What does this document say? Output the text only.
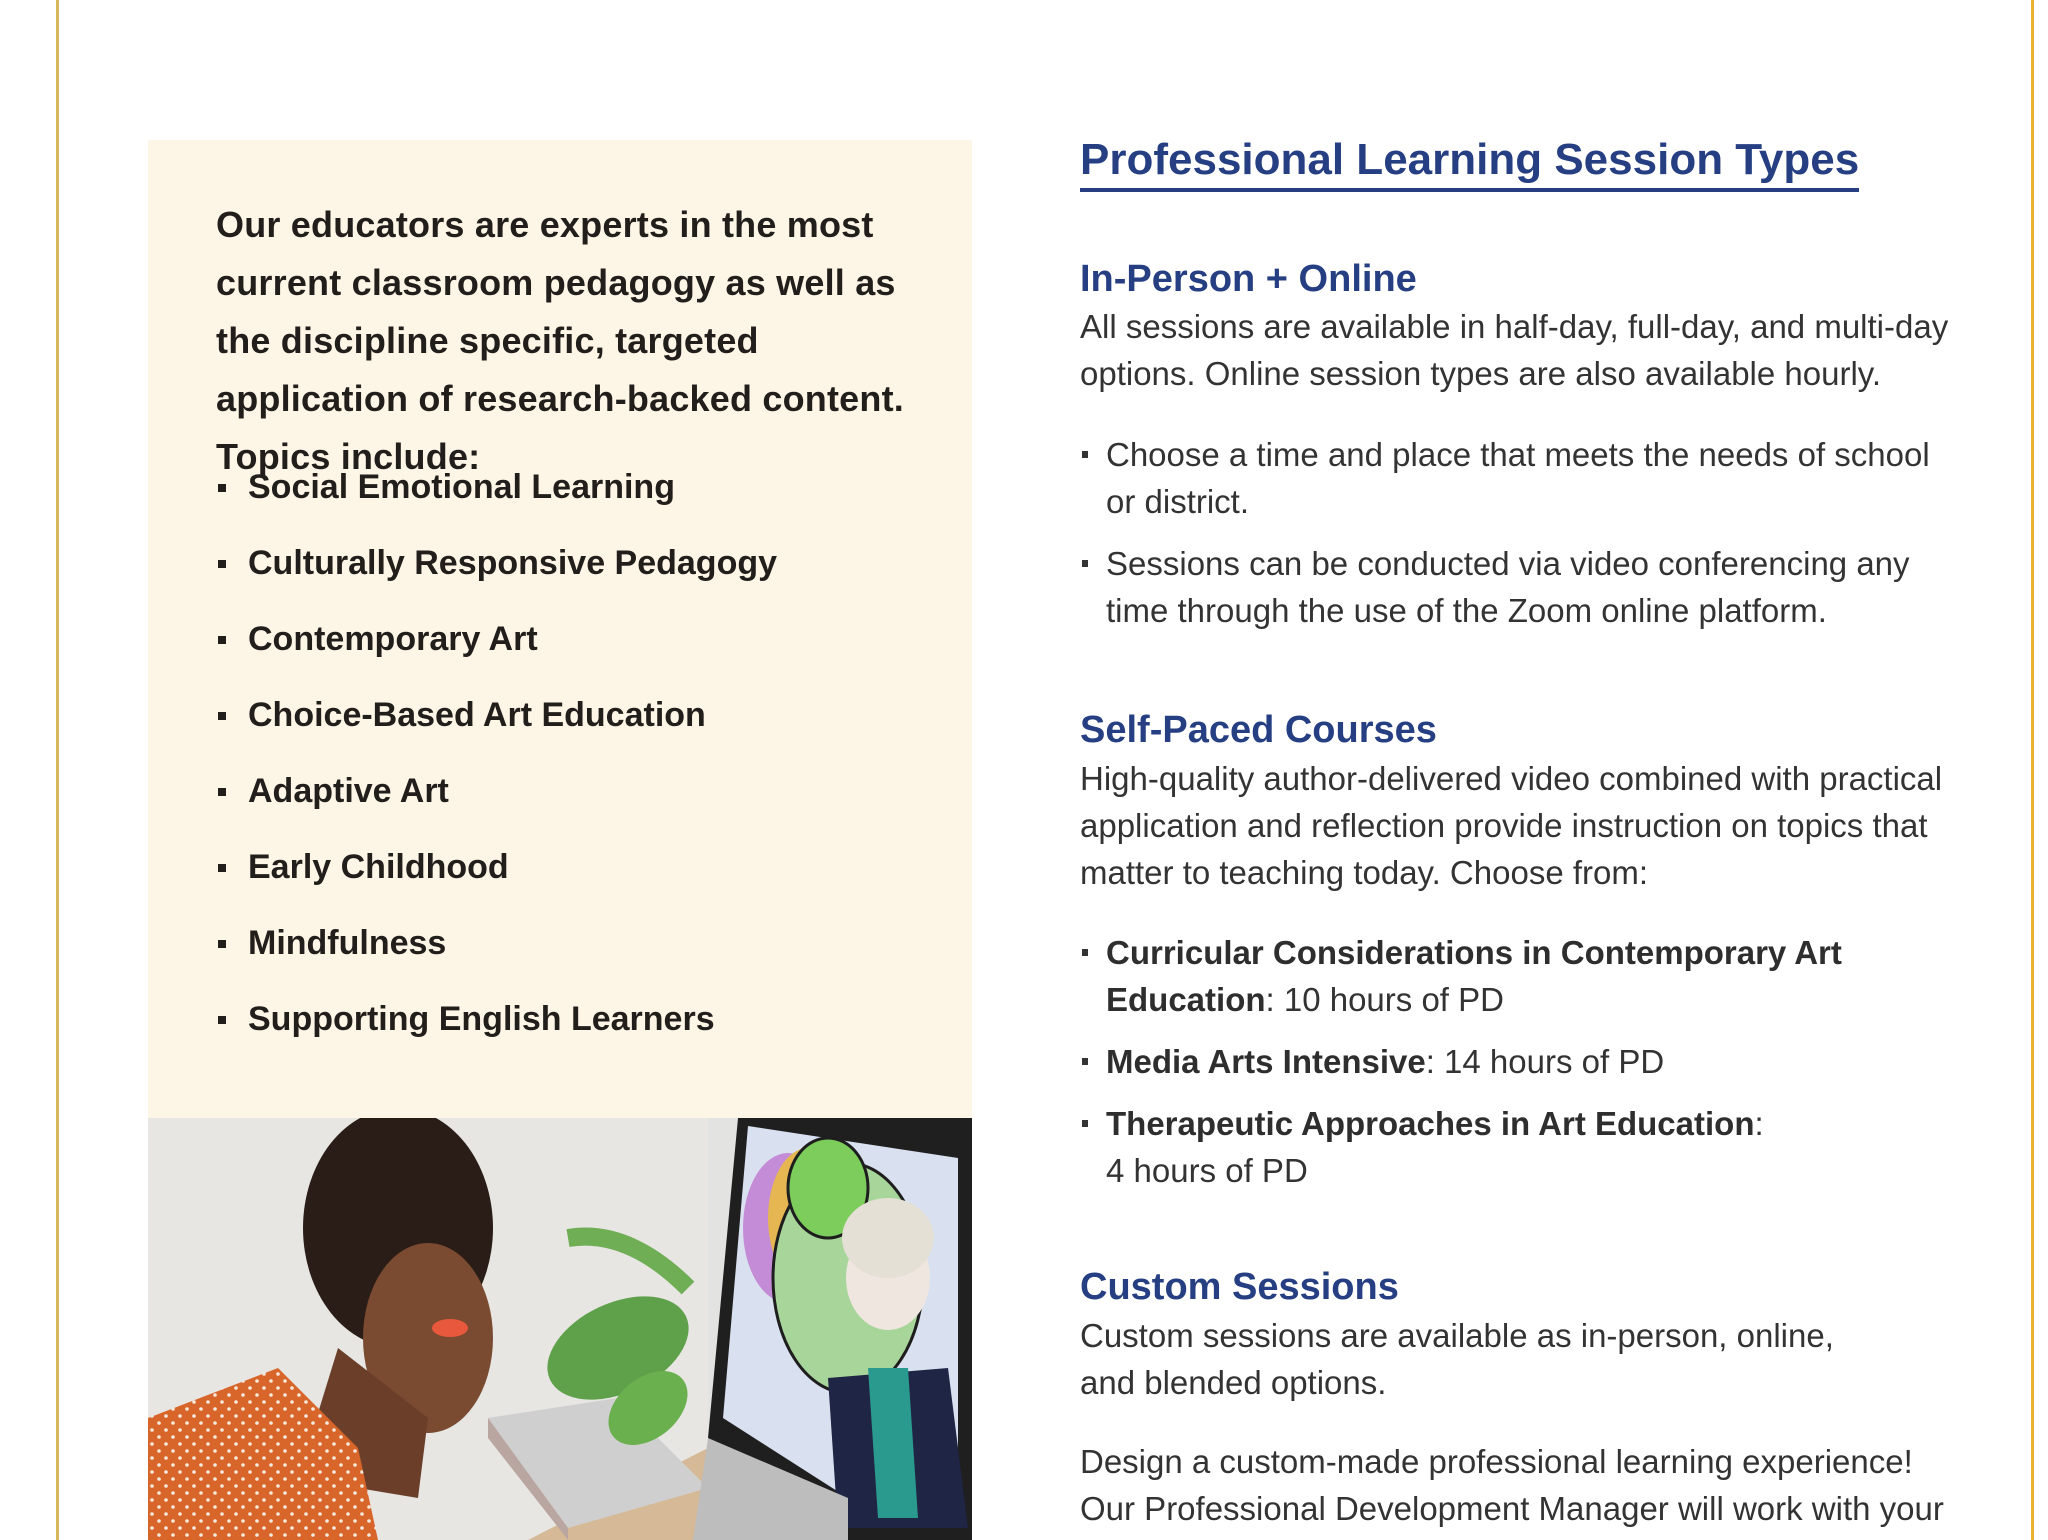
Our educators are experts in the most current classroom pedagogy as well as the discipline specific, targeted application of research-backed content. Topics include:

Social Emotional Learning
Culturally Responsive Pedagogy
Contemporary Art
Choice-Based Art Education
Adaptive Art
Early Childhood
Mindfulness
Supporting English Learners
Professional Learning Session Types
In-Person + Online

All sessions are available in half-day, full-day, and multi-day options. Online session types are also available hourly.

Choose a time and place that meets the needs of school or district.
Sessions can be conducted via video conferencing any time through the use of the Zoom online platform.
Self-Paced Courses

High-quality author-delivered video combined with practical application and reflection provide instruction on topics that matter to teaching today. Choose from:

Curricular Considerations in Contemporary Art Education: 10 hours of PD
Media Arts Intensive: 14 hours of PD
Therapeutic Approaches in Art Education: 4 hours of PD
Custom Sessions

Custom sessions are available as in-person, online, and blended options.

Design a custom-made professional learning experience! Our Professional Development Manager will work with your
